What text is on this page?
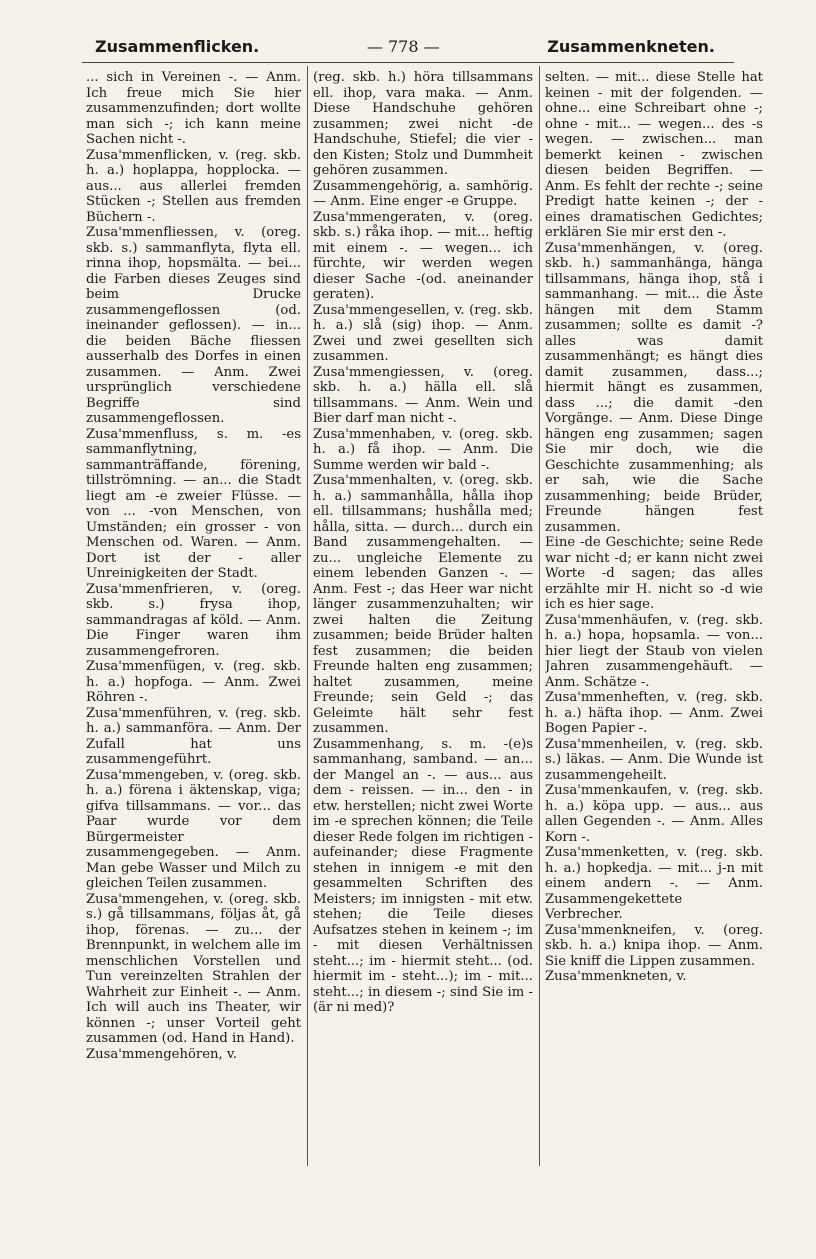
Zusammenflicken.	— 778 —	Zusammenkneten.
... sich in Vereinen -. — Anm. Ich freue mich Sie hier zusammenzufinden; dort wollte man sich -; ich kann meine Sachen nicht -.
Zusa'mmenflicken, v. (reg. skb. h. a.) hoplappa, hopplocka. — aus... aus allerlei fremden Stücken -; Stellen aus fremden Büchern -.
Zusa'mmenfliessen, v. (oreg. skb. s.) sammanflyta, flyta ell. rinna ihop, hopsmälta. — bei... die Farben dieses Zeuges sind beim Drucke zusammengeflossen (od. ineinander geflossen). — in... die beiden Bäche fliessen ausserhalb des Dorfes in einen zusammen. — Anm. Zwei ursprünglich verschiedene Begriffe sind zusammengeflossen.
Zusa'mmenfluss, s. m. -es sammanflytning, sammanträffande, förening, tillströmning. — an... die Stadt liegt am -e zweier Flüsse. — von ... -von Menschen, von Umständen; ein grosser - von Menschen od. Waren. — Anm. Dort ist der - aller Unreinigkeiten der Stadt.
Zusa'mmenfrieren, v. (oreg. skb. s.) frysa ihop, sammandragas af köld. — Anm. Die Finger waren ihm zusammengefroren.
Zusa'mmenfügen, v. (reg. skb. h. a.) hopfoga. — Anm. Zwei Röhren -.
Zusa'mmenführen, v. (reg. skb. h. a.) sammanföra. — Anm. Der Zufall hat uns zusammengeführt.
Zusa'mmengeben, v. (oreg. skb. h. a.) förena i äktenskap, viga; gifva tillsammans. — vor... das Paar wurde vor dem Bürgermeister zusammengegeben. — Anm. Man gebe Wasser und Milch zu gleichen Teilen zusammen.
Zusa'mmengehen, v. (oreg. skb. s.) gå tillsammans, följas åt, gå ihop, förenas. — zu... der Brennpunkt, in welchem alle im menschlichen Vorstellen und Tun vereinzelten Strahlen der Wahrheit zur Einheit -. — Anm. Ich will auch ins Theater, wir können -; unser Vorteil geht zusammen (od. Hand in Hand).
Zusa'mmengehören, v.
(reg. skb. h.) höra tillsammans ell. ihop, vara maka. — Anm. Diese Handschuhe gehören zusammen; zwei nicht -de Handschuhe, Stiefel; die vier -den Kisten; Stolz und Dummheit gehören zusammen.
Zusammengehörig, a. samhörig. — Anm. Eine enger -e Gruppe.
Zusa'mmengeraten, v. (oreg. skb. s.) råka ihop. — mit... heftig mit einem -. — wegen... ich fürchte, wir werden wegen dieser Sache -(od. aneinander geraten).
Zusa'mmengesellen, v. (reg. skb. h. a.) slå (sig) ihop. — Anm. Zwei und zwei gesellten sich zusammen.
Zusa'mmengiessen, v. (oreg. skb. h. a.) hälla ell. slå tillsammans. — Anm. Wein und Bier darf man nicht -.
Zusa'mmenhaben, v. (oreg. skb. h. a.) få ihop. — Anm. Die Summe werden wir bald -.
Zusa'mmenhalten, v. (oreg. skb. h. a.) sammanhålla, hålla ihop ell. tillsammans; hushålla med; hålla, sitta. — durch... durch ein Band zusammengehalten. — zu... ungleiche Elemente zu einem lebenden Ganzen -. — Anm. Fest -; das Heer war nicht länger zusammenzuhalten; wir zwei halten die Zeitung zusammen; beide Brüder halten fest zusammen; die beiden Freunde halten eng zusammen; haltet zusammen, meine Freunde; sein Geld -; das Geleimte hält sehr fest zusammen.
Zusammenhang, s. m. -(e)s sammanhang, samband. — an... der Mangel an -. — aus... aus dem - reissen. — in... den - in etw. herstellen; nicht zwei Worte im -e sprechen können; die Teile dieser Rede folgen im richtigen -aufeinander; diese Fragmente stehen in innigem -e mit den gesammelten Schriften des Meisters; im innigsten - mit etw. stehen; die Teile dieses Aufsatzes stehen in keinem -; im - mit diesen Verhältnissen steht...; im - hiermit steht... (od. hiermit im - steht...); im - mit... steht...; in diesem -; sind Sie im - (är ni med)?
selten. — mit... diese Stelle hat keinen - mit der folgenden. — ohne... eine Schreibart ohne -; ohne - mit... — wegen... des -s wegen. — zwischen... man bemerkt keinen - zwischen diesen beiden Begriffen. — Anm. Es fehlt der rechte -; seine Predigt hatte keinen -; der - eines dramatischen Gedichtes; erklären Sie mir erst den -.
Zusa'mmenhängen, v. (oreg. skb. h.) sammanhänga, hänga tillsammans, hänga ihop, stå i sammanhang. — mit... die Äste hängen mit dem Stamm zusammen; sollte es damit -? alles was damit zusammenhängt; es hängt dies damit zusammen, dass...; hiermit hängt es zusammen, dass ...; die damit -den Vorgänge. — Anm. Diese Dinge hängen eng zusammen; sagen Sie mir doch, wie die Geschichte zusammenhing; als er sah, wie die Sache zusammenhing; beide Brüder, Freunde hängen fest zusammen.
Eine -de Geschichte; seine Rede war nicht -d; er kann nicht zwei Worte -d sagen; das alles erzählte mir H. nicht so -d wie ich es hier sage.
Zusa'mmenhäufen, v. (reg. skb. h. a.) hopa, hopsamla. — von... hier liegt der Staub von vielen Jahren zusammengehäuft. — Anm. Schätze -.
Zusa'mmenheften, v. (reg. skb. h. a.) häfta ihop. — Anm. Zwei Bogen Papier -.
Zusa'mmenheilen, v. (reg. skb. s.) läkas. — Anm. Die Wunde ist zusammengeheilt.
Zusa'mmenkaufen, v. (reg. skb. h. a.) köpa upp. — aus... aus allen Gegenden -. — Anm. Alles Korn -.
Zusa'mmenketten, v. (reg. skb. h. a.) hopkedja. — mit... j-n mit einem andern -. — Anm. Zusammengekettete Verbrecher.
Zusa'mmenkneifen, v. (oreg. skb. h. a.) knipa ihop. — Anm. Sie kniff die Lippen zusammen.
Zusa'mmenkneten, v.
